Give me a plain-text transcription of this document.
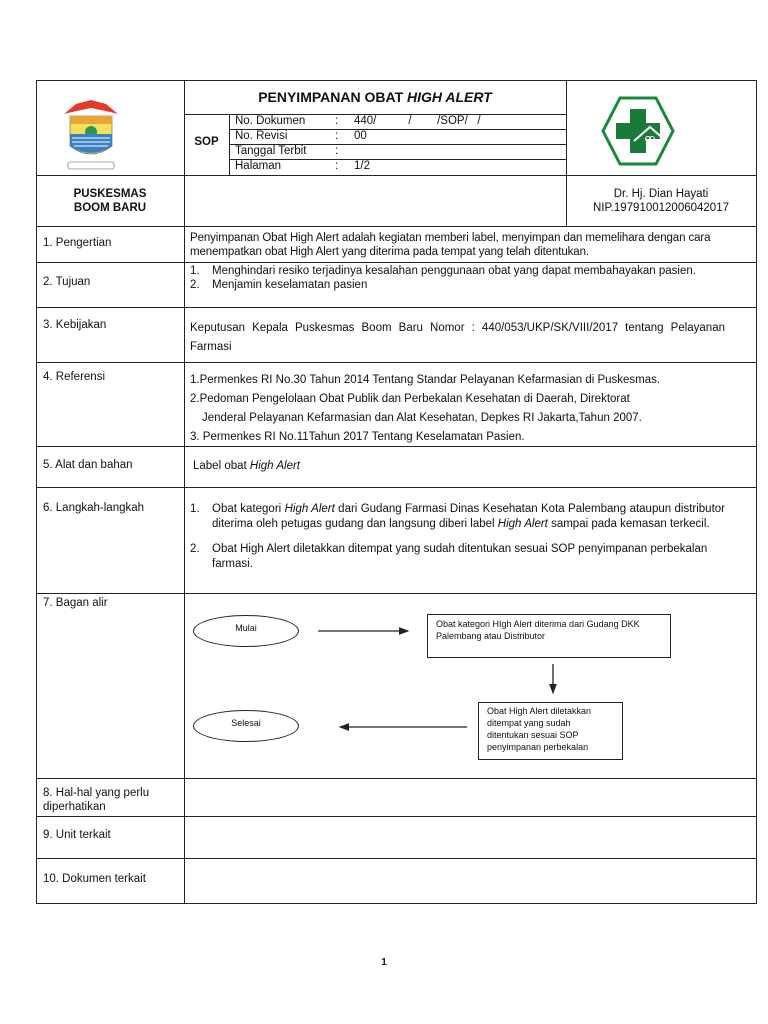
PENYIMPANAN OBAT HIGH ALERT
SOP
No. Dokumen	: 440/          /        /SOP/   /
No. Revisi	: 00
Tanggal Terbit :
Halaman	: 1/2
PUSKESMAS
BOOM BARU
Dr. Hj. Dian Hayati
NIP.197910012006042017
1. Pengertian	Penyimpanan Obat High Alert adalah kegiatan memberi label, menyimpan dan memelihara dengan cara menempatkan obat High Alert yang diterima pada tempat yang telah ditentukan.
2. Tujuan
1.	Menghindari resiko terjadinya kesalahan penggunaan obat yang dapat membahayakan pasien.
2.	Menjamin keselamatan pasien
3. Kebijakan	Keputusan Kepala Puskesmas Boom Baru Nomor : 440/053/UKP/SK/VIII/2017 tentang Pelayanan Farmasi
4. Referensi	1.Permenkes RI No.30 Tahun 2014 Tentang Standar Pelayanan Kefarmasian di Puskesmas.
2.Pedoman Pengelolaan Obat Publik dan Perbekalan Kesehatan di Daerah, Direktorat
Jenderal Pelayanan Kefarmasian dan Alat Kesehatan, Depkes RI Jakarta,Tahun 2007.
3. Permenkes RI No.11Tahun 2017 Tentang Keselamatan Pasien.
5. Alat dan bahan	Label obat High Alert
6. Langkah-langkah	1.	Obat kategori High Alert dari Gudang Farmasi Dinas Kesehatan Kota Palembang ataupun distributor diterima oleh petugas gudang dan langsung diberi label High Alert sampai pada kemasan terkecil.
2.	Obat High Alert diletakkan ditempat yang sudah ditentukan sesuai SOP penyimpanan perbekalan farmasi.
7. Bagan alir
Mulai	Obat kategori HIgh Alert diterima dari Gudang DKK Palembang atau Distributor
Obat High Alert diletakkan ditempat yang sudah ditentukan sesuai SOP penyimpanan perbekalan
Selesai
8. Hal-hal yang perlu diperhatikan
9. Unit terkait
10. Dokumen terkait
1
